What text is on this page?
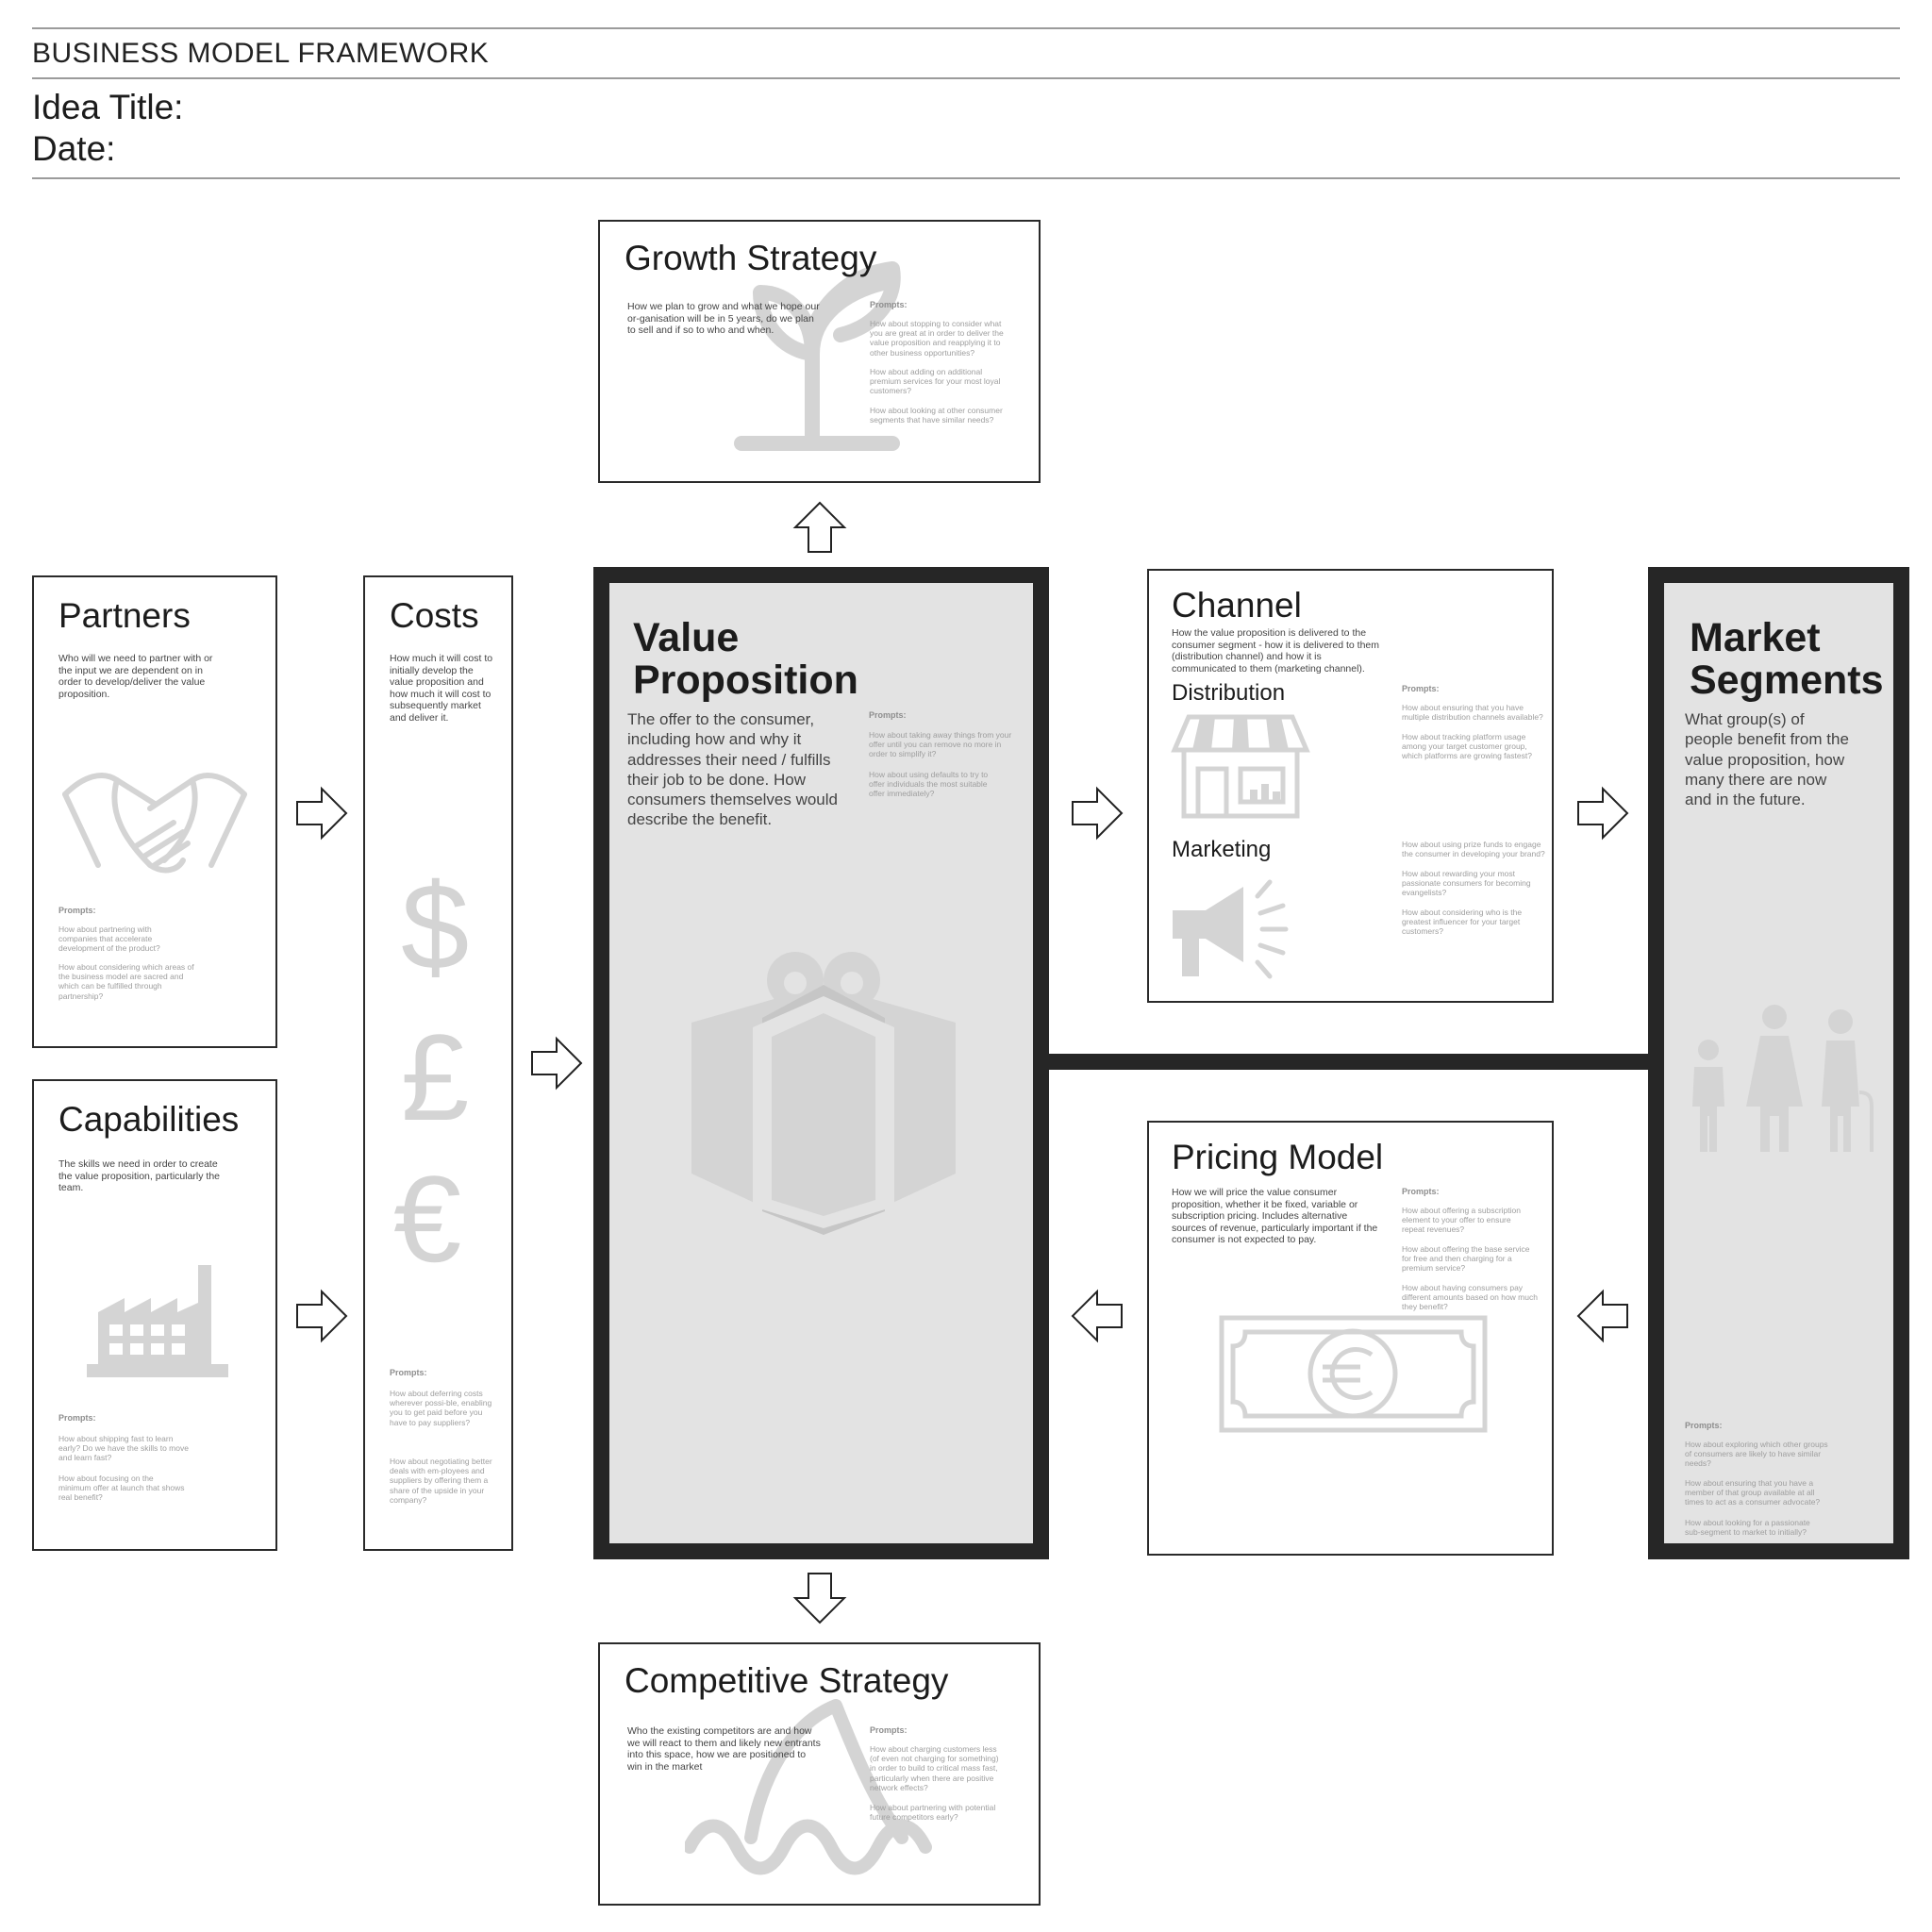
BUSINESS MODEL FRAMEWORK
Idea Title:
Date:
Growth Strategy
How we plan to grow and what we hope our or-ganisation will be in 5 years, do we plan to sell and if so to who and when.
Prompts:
How about stopping to consider what you are great at in order to deliver the value proposition and reapplying it to other business opportunities?
How about adding on additional premium services for your most loyal customers?
How about looking at other consumer segments that have similar needs?
Partners
Who will we need to partner with or the input we are dependent on in order to develop/deliver the value proposition.
Prompts:
How about partnering with companies that accelerate development of the product?
How about considering which areas of the business model are sacred and which can be fulfilled through partnership?
Capabilities
The skills we need in order to create the value proposition, particularly the team.
Prompts:
How about shipping fast to learn early? Do we have the skills to move and learn fast?
How about focusing on the minimum offer at launch that shows real benefit?
Costs
How much it will cost to initially develop the value proposition and how much it will cost to subsequently market and deliver it.
$
£
€
Prompts:
How about deferring costs wherever possi-ble, enabling you to get paid before you have to pay suppliers?
How about negotiating better deals with em-ployees and suppliers by offering them a share of the upside in your company?
Value Proposition
The offer to the consumer, including how and why it addresses their need / fulfills their job to be done. How consumers themselves would describe the benefit.
Prompts:
How about taking away things from your offer until you can remove no more in order to simplify it?
How about using defaults to try to offer individuals the most suitable offer immediately?
Competitive Strategy
Who the existing competitors are and how we will react to them and likely new entrants into this space, how we are positioned to win in the market
Prompts:
How about charging customers less (of even not charging for something) in order to build to critical mass fast, particularly when there are positive network effects?
How about partnering with potential future competitors early?
Channel
How the value proposition is delivered to the consumer segment - how it is delivered to them (distribution channel) and how it is communicated to them (marketing channel).
Distribution
Marketing
Prompts:
How about ensuring that you have multiple distribution channels available?
How about tracking platform usage among your target customer group, which platforms are growing fastest?
How about using prize funds to engage the consumer in developing your brand?
How about rewarding your most passionate consumers for becoming evangelists?
How about considering who is the greatest influencer for your target customers?
Market Segments
What group(s) of people benefit from the value proposition, how many there are now and in the future.
Prompts:
How about exploring which other groups of consumers are likely to have similar needs?
How about ensuring that you have a member of that group available at all times to act as a consumer advocate?
How about looking for a passionate sub-segment to market to initially?
Pricing Model
How we will price the value consumer proposition, whether it be fixed, variable or subscription pricing. Includes alternative sources of revenue, particularly important if the consumer is not expected to pay.
Prompts:
How about offering a subscription element to your offer to ensure repeat revenues?
How about offering the base service for free and then charging for a premium service?
How about having consumers pay different amounts based on how much they benefit?
